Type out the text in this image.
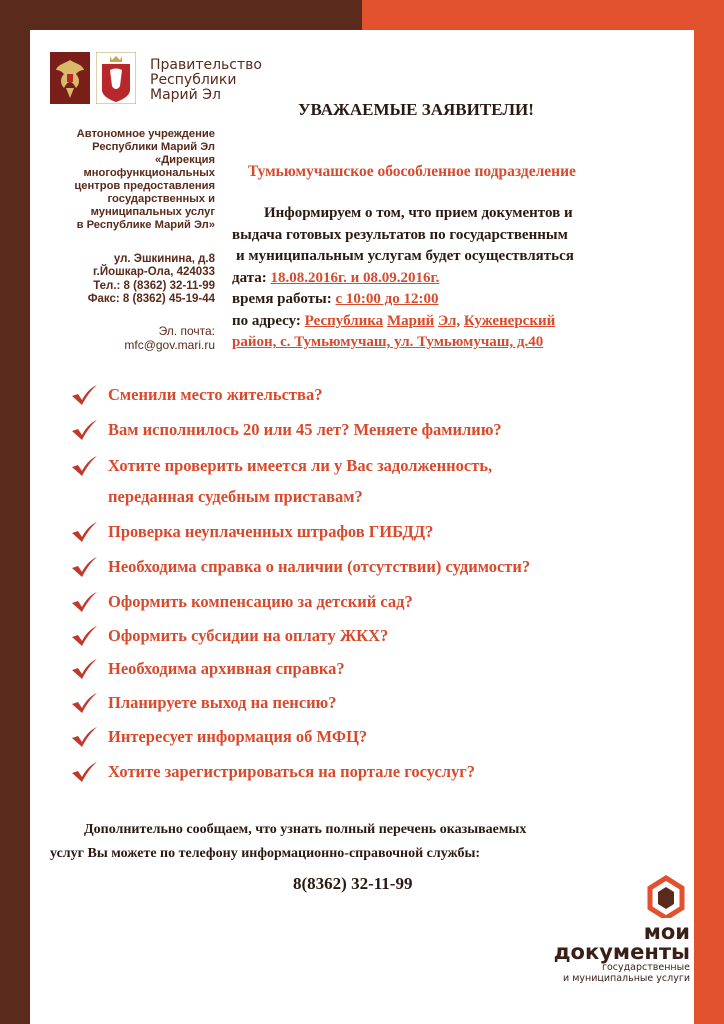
Правительство
Республики
Марий Эл
Автономное учреждение
Республики Марий Эл
«Дирекция
многофункциональных
центров предоставления
государственных и
муниципальных услуг
в Республике Марий Эл»
ул. Эшкинина, д.8
г.Йошкар-Ола, 424033
Тел.: 8 (8362) 32-11-99
Факс: 8 (8362) 45-19-44
Эл. почта:
mfc@gov.mari.ru
УВАЖАЕМЫЕ ЗАЯВИТЕЛИ!
Тумьюмучашское обособленное подразделение
Информируем о том, что прием документов и
выдача готовых результатов по государственным
и муниципальным услугам будет осуществляться
дата: 18.08.2016г. и 08.09.2016г.
время работы: с 10:00 до 12:00
по адресу: Республика Марий Эл, Куженерский
район, с. Тумьюмучаш, ул. Тумьюмучаш, д.40
Сменили место жительства?
Вам исполнилось 20 или 45 лет? Меняете фамилию?
Хотите проверить имеется ли у Вас задолженность,
переданная судебным приставам?
Проверка неуплаченных штрафов ГИБДД?
Необходима справка о наличии (отсутствии) судимости?
Оформить компенсацию за детский сад?
Оформить субсидии на оплату ЖКХ?
Необходима архивная справка?
Планируете выход на пенсию?
Интересует информация об МФЦ?
Хотите зарегистрироваться на портале госуслуг?
Дополнительно сообщаем, что узнать полный перечень оказываемых
услуг Вы можете по телефону информационно-справочной службы:
8(8362) 32-11-99
мои
документы
государственные
и муниципальные услуги
